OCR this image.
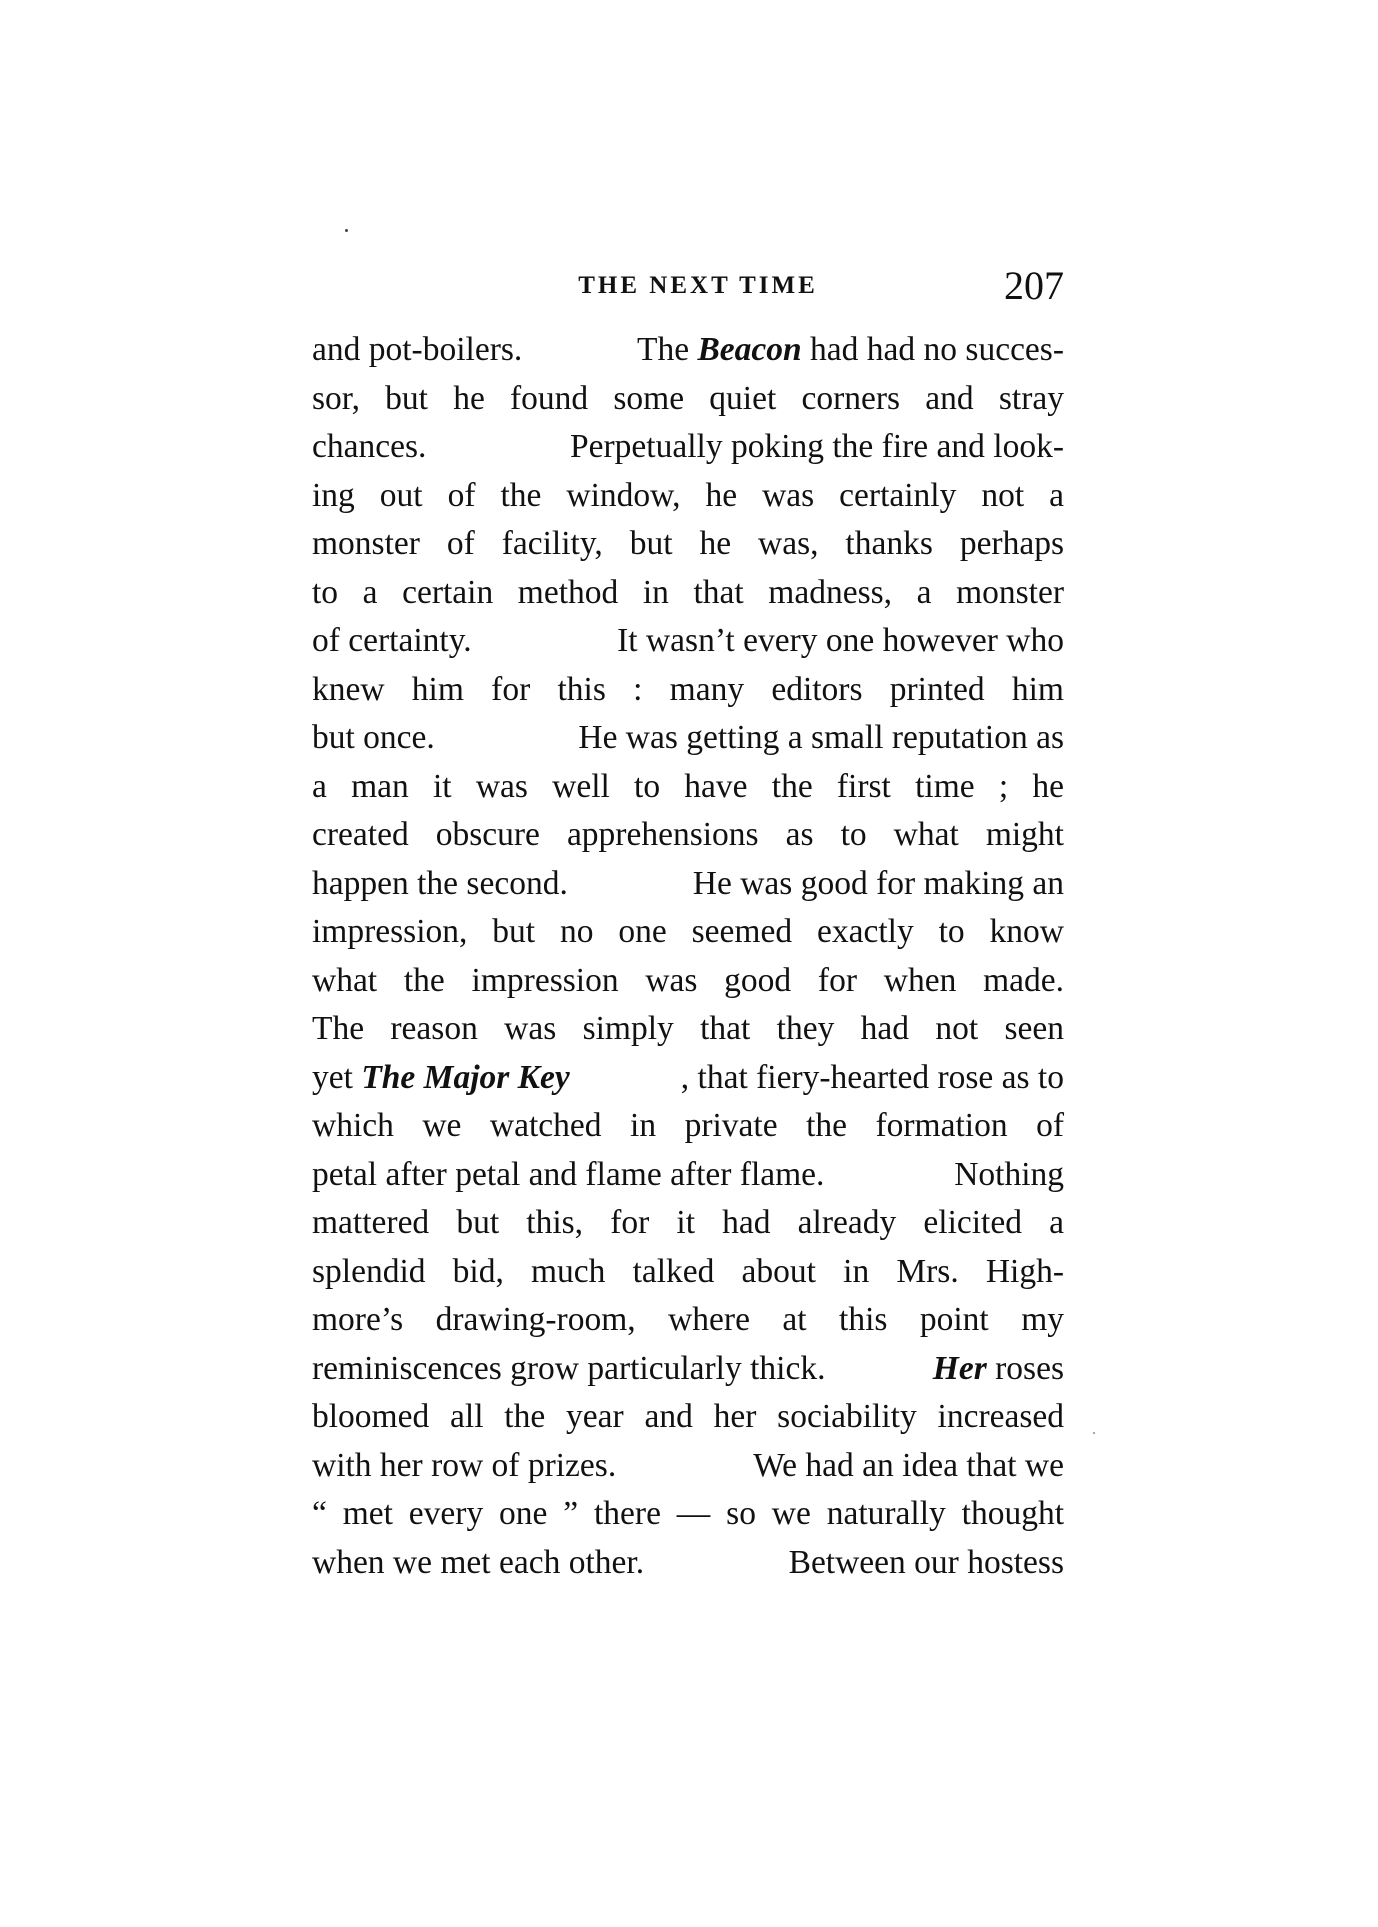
THE NEXT TIME	207
and pot-boilers.	The Beacon had had no succes-
sor, but he found some quiet corners and stray
chances.	Perpetually poking the fire and look-
ing out of the window, he was certainly not a
monster of facility, but he was, thanks perhaps
to a certain method in that madness, a monster
of certainty.	It wasn’t every one however who
knew him for this : many editors printed him
but once.	He was getting a small reputation as
a man it was well to have the first time ; he
created obscure apprehensions as to what might
happen the second.	He was good for making an
impression, but no one seemed exactly to know
what the impression was good for when made.
The reason was simply that they had not seen
yet The Major Key	, that fiery-hearted rose as to
which we watched in private the formation of
petal after petal and flame after flame.	Nothing
mattered but this, for it had already elicited a
splendid bid, much talked about in Mrs. High-
more’s drawing-room, where at this point my
reminiscences grow particularly thick.	Her roses
bloomed all the year and her sociability increased
with her row of prizes.	We had an idea that we
“ met every one ” there — so we naturally thought
when we met each other.	Between our hostess
